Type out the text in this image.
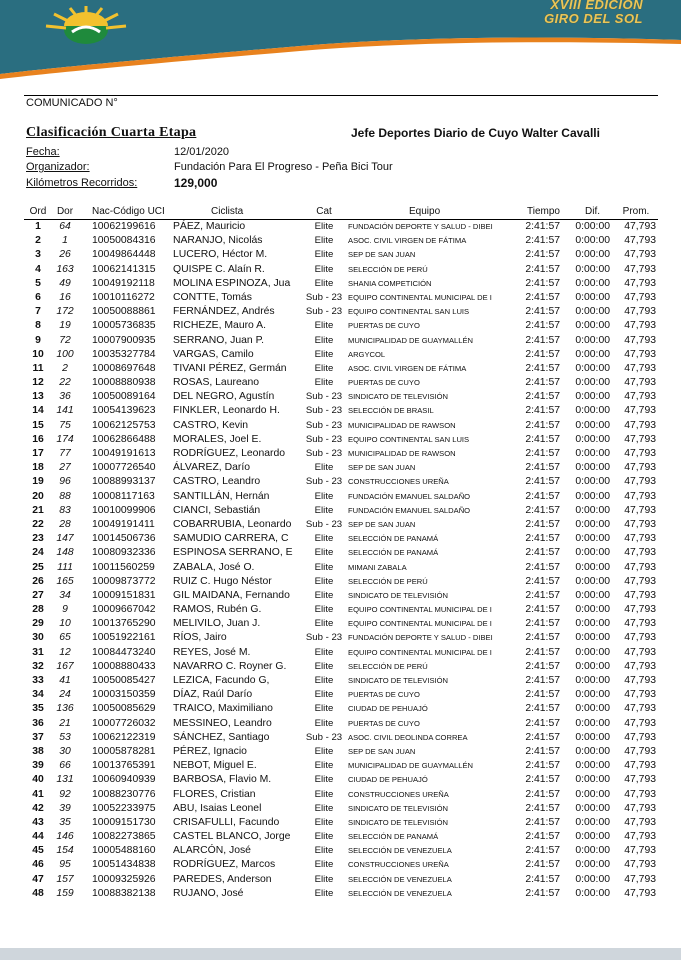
XVIII EDICION
GIRO DEL SOL
COMUNICADO N°
Clasificación Cuarta Etapa	Jefe Deportes Diario de Cuyo Walter Cavalli
Fecha:	12/01/2020
Organizador:	Fundación Para El Progreso - Peña Bici Tour
Kilómetros Recorridos:	129,000
Ord	Dor	Nac-Código UCI	Ciclista	Cat	Equipo	Tiempo	Dif.	Prom.
1	64	10062199616	PÁEZ, Mauricio	Elite	FUNDACIÓN DEPORTE Y SALUD - DIBEI	2:41:57	0:00:00	47,793
2	1	10050084316	NARANJO, Nicolás	Elite	ASOC. CIVIL VIRGEN DE FÁTIMA	2:41:57	0:00:00	47,793
3	26	10049864448	LUCERO, Héctor M.	Elite	SEP DE SAN JUAN	2:41:57	0:00:00	47,793
4	163	10062141315	QUISPE C. Alaín R.	Elite	SELECCIÓN DE PERÚ	2:41:57	0:00:00	47,793
5	49	10049192118	MOLINA ESPINOZA, Jua	Elite	SHANIA COMPETICIÓN	2:41:57	0:00:00	47,793
6	16	10010116272	CONTTE, Tomás	Sub - 23 EQUIPO CONTINENTAL MUNICIPAL DE I	2:41:57	0:00:00	47,793
7	172	10050088861	FERNÁNDEZ, Andrés	Sub - 23 EQUIPO CONTINENTAL SAN LUIS	2:41:57	0:00:00	47,793
8	19	10005736835	RICHEZE, Mauro A.	Elite	PUERTAS DE CUYO	2:41:57	0:00:00	47,793
9	72	10007900935	SERRANO, Juan P.	Elite	MUNICIPALIDAD DE GUAYMALLÉN	2:41:57	0:00:00	47,793
10	100	10035327784	VARGAS, Camilo	Elite	ARGYCOL	2:41:57	0:00:00	47,793
11	2	10008697648	TIVANI PÉREZ, Germán	Elite	ASOC. CIVIL VIRGEN DE FÁTIMA	2:41:57	0:00:00	47,793
12	22	10008880938	ROSAS, Laureano	Elite	PUERTAS DE CUYO	2:41:57	0:00:00	47,793
13	36	10050089164	DEL NEGRO, Agustín	Sub - 23 SINDICATO DE TELEVISIÓN	2:41:57	0:00:00	47,793
14	141	10054139623	FINKLER, Leonardo H.	Sub - 23 SELECCIÓN DE BRASIL	2:41:57	0:00:00	47,793
15	75	10062125753	CASTRO, Kevin	Sub - 23 MUNICIPALIDAD DE RAWSON	2:41:57	0:00:00	47,793
16	174	10062866488	MORALES, Joel E.	Sub - 23 EQUIPO CONTINENTAL SAN LUIS	2:41:57	0:00:00	47,793
17	77	10049191613	RODRÍGUEZ, Leonardo	Sub - 23 MUNICIPALIDAD DE RAWSON	2:41:57	0:00:00	47,793
18	27	10007726540	ÁLVAREZ, Darío	Elite	SEP DE SAN JUAN	2:41:57	0:00:00	47,793
19	96	10088993137	CASTRO, Leandro	Sub - 23 CONSTRUCCIONES UREÑA	2:41:57	0:00:00	47,793
20	88	10008117163	SANTILLÁN, Hernán	Elite	FUNDACIÓN EMANUEL SALDAÑO	2:41:57	0:00:00	47,793
21	83	10010099906	CIANCI, Sebastián	Elite	FUNDACIÓN EMANUEL SALDAÑO	2:41:57	0:00:00	47,793
22	28	10049191411	COBARRUBIA, Leonardo	Sub - 23 SEP DE SAN JUAN	2:41:57	0:00:00	47,793
23	147	10014506736	SAMUDIO CARRERA, C	Elite	SELECCIÓN DE PANAMÁ	2:41:57	0:00:00	47,793
24	148	10080932336	ESPINOSA SERRANO, E	Elite	SELECCIÓN DE PANAMÁ	2:41:57	0:00:00	47,793
25	111	10011560259	ZABALA, José O.	Elite	MIMANI ZABALA	2:41:57	0:00:00	47,793
26	165	10009873772	RUIZ C. Hugo Néstor	Elite	SELECCIÓN DE PERÚ	2:41:57	0:00:00	47,793
27	34	10009151831	GIL MAIDANA, Fernando	Elite	SINDICATO DE TELEVISIÓN	2:41:57	0:00:00	47,793
28	9	10009667042	RAMOS, Rubén G.	Elite	EQUIPO CONTINENTAL MUNICIPAL DE I	2:41:57	0:00:00	47,793
29	10	10013765290	MELIVILO, Juan J.	Elite	EQUIPO CONTINENTAL MUNICIPAL DE I	2:41:57	0:00:00	47,793
30	65	10051922161	RÍOS, Jairo	Sub - 23 FUNDACIÓN DEPORTE Y SALUD - DIBEI	2:41:57	0:00:00	47,793
31	12	10084473240	REYES, José M.	Elite	EQUIPO CONTINENTAL MUNICIPAL DE I	2:41:57	0:00:00	47,793
32	167	10008880433	NAVARRO C. Royner G.	Elite	SELECCIÓN DE PERÚ	2:41:57	0:00:00	47,793
33	41	10050085427	LEZICA, Facundo G,	Elite	SINDICATO DE TELEVISIÓN	2:41:57	0:00:00	47,793
34	24	10003150359	DÍAZ, Raúl Darío	Elite	PUERTAS DE CUYO	2:41:57	0:00:00	47,793
35	136	10050085629	TRAICO, Maximiliano	Elite	CIUDAD DE PEHUAJÓ	2:41:57	0:00:00	47,793
36	21	10007726032	MESSINEO, Leandro	Elite	PUERTAS DE CUYO	2:41:57	0:00:00	47,793
37	53	10062122319	SÁNCHEZ, Santiago	Sub - 23 ASOC. CIVIL DEOLINDA CORREA	2:41:57	0:00:00	47,793
38	30	10005878281	PÉREZ, Ignacio	Elite	SEP DE SAN JUAN	2:41:57	0:00:00	47,793
39	66	10013765391	NEBOT, Miguel E.	Elite	MUNICIPALIDAD DE GUAYMALLÉN	2:41:57	0:00:00	47,793
40	131	10060940939	BARBOSA, Flavio M.	Elite	CIUDAD DE PEHUAJÓ	2:41:57	0:00:00	47,793
41	92	10088230776	FLORES, Cristian	Elite	CONSTRUCCIONES UREÑA	2:41:57	0:00:00	47,793
42	39	10052233975	ABU, Isaias Leonel	Elite	SINDICATO DE TELEVISIÓN	2:41:57	0:00:00	47,793
43	35	10009151730	CRISAFULLI, Facundo	Elite	SINDICATO DE TELEVISIÓN	2:41:57	0:00:00	47,793
44	146	10082273865	CASTEL BLANCO, Jorge	Elite	SELECCIÓN DE PANAMÁ	2:41:57	0:00:00	47,793
45	154	10005488160	ALARCÓN, José	Elite	SELECCIÓN DE VENEZUELA	2:41:57	0:00:00	47,793
46	95	10051434838	RODRÍGUEZ, Marcos	Elite	CONSTRUCCIONES UREÑA	2:41:57	0:00:00	47,793
47	157	10009325926	PAREDES, Anderson	Elite	SELECCIÓN DE VENEZUELA	2:41:57	0:00:00	47,793
48	159	10088382138	RUJANO, José	Elite	SELECCIÓN DE VENEZUELA	2:41:57	0:00:00	47,793
